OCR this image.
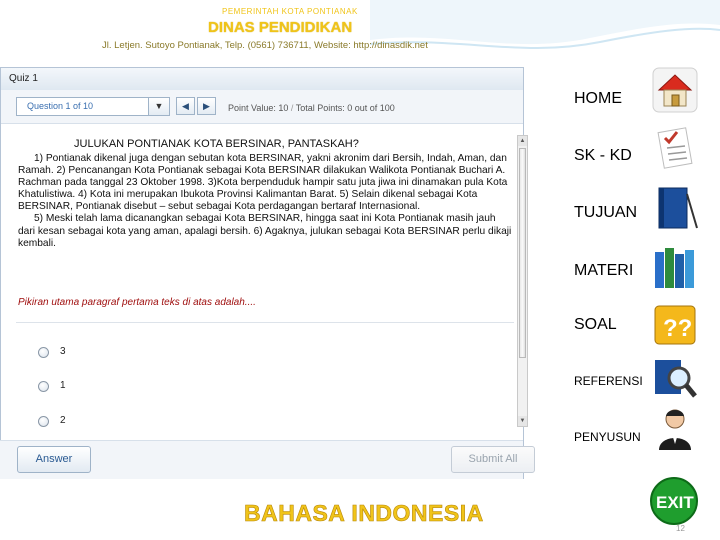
PEMERINTAH KOTA PONTIANAK
DINAS PENDIDIKAN
Jl. Letjen. Sutoyo Pontianak, Telp. (0561) 736711, Website: http://dinasdik.net
Quiz 1
Question 1 of 10	▼	◀	▶	Point Value: 10 / Total Points: 0 out of 100
JULUKAN PONTIANAK KOTA BERSINAR, PANTASKAH?
1) Pontianak dikenal juga dengan sebutan kota BERSINAR, yakni akronim dari Bersih, Indah, Aman, dan Ramah. 2) Pencanangan Kota Pontianak sebagai Kota BERSINAR dilakukan Walikota Pontianak Buchari A. Rachman pada tanggal 23 Oktober 1998. 3)Kota berpenduduk hampir satu juta jiwa ini dinamakan pula Kota Khatulistiwa. 4) Kota ini merupakan Ibukota Provinsi Kalimantan Barat. 5) Selain dikenal sebagai Kota BERSINAR, Pontianak disebut – sebut sebagai Kota perdagangan bertaraf Internasional.
5) Meski telah lama dicanangkan sebagai Kota BERSINAR, hingga saat ini Kota Pontianak masih jauh dari kesan sebagai kota yang aman, apalagi bersih. 6) Agaknya, julukan sebagai Kota BERSINAR perlu dikaji kembali.
Pikiran utama paragraf pertama teks di atas adalah....
3
1
2
▲
▼
Answer	Submit All
HOME
SK - KD
TUJUAN
MATERI
SOAL ??
REFERENSI
PENYUSUN
EXIT
BAHASA INDONESIA
12
